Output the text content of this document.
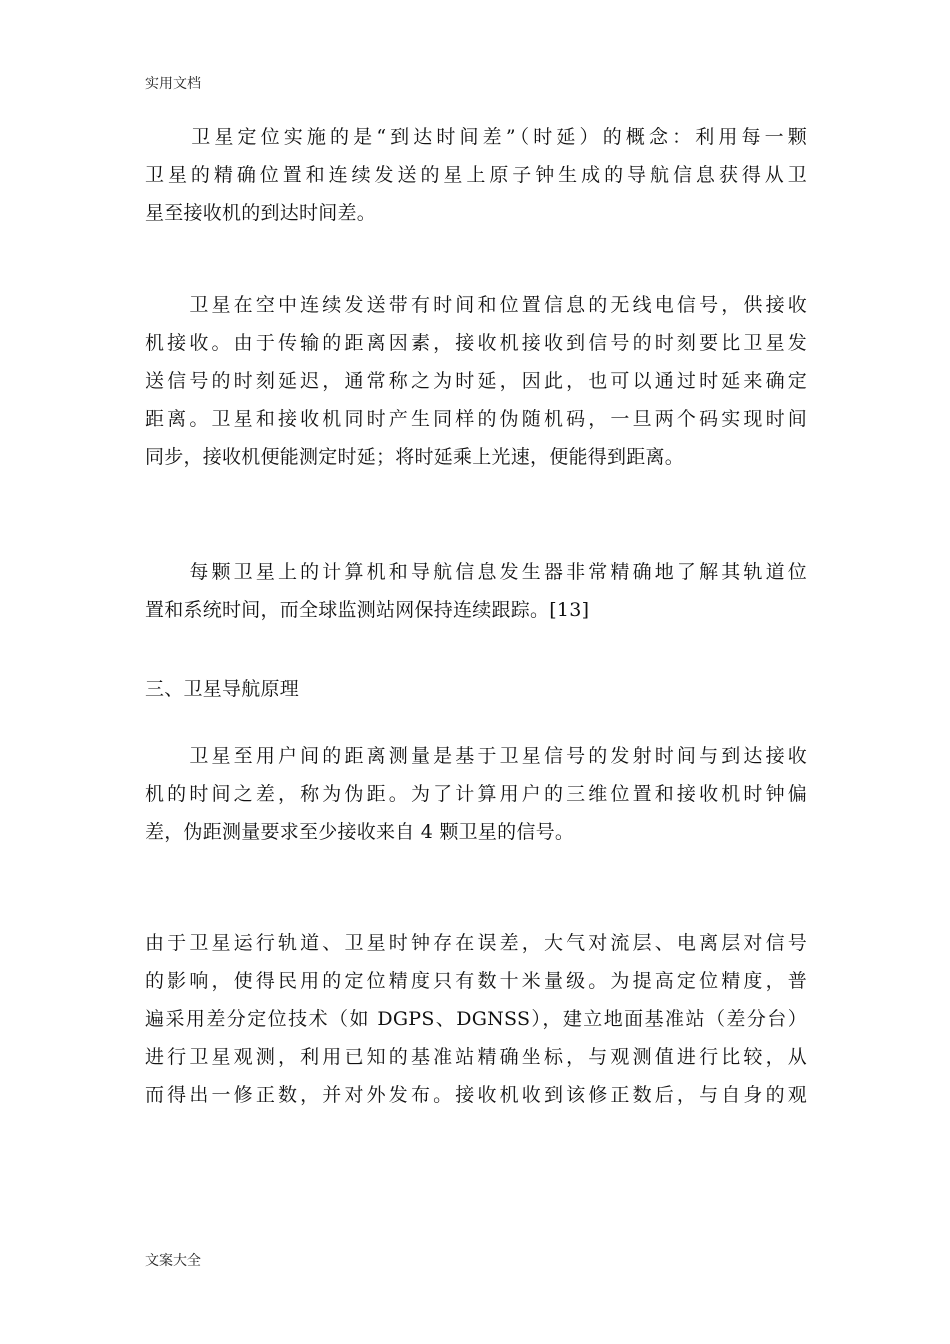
实用文档

　　卫星定位实施的是“到达时间差”（时延）的概念：利用每一颗
卫星的精确位置和连续发送的星上原子钟生成的导航信息获得从卫
星至接收机的到达时间差。

　　卫星在空中连续发送带有时间和位置信息的无线电信号，供接收
机接收。由于传输的距离因素，接收机接收到信号的时刻要比卫星发
送信号的时刻延迟，通常称之为时延，因此，也可以通过时延来确定
距离。卫星和接收机同时产生同样的伪随机码，一旦两个码实现时间
同步，接收机便能测定时延；将时延乘上光速，便能得到距离。

　　每颗卫星上的计算机和导航信息发生器非常精确地了解其轨道位
置和系统时间，而全球监测站网保持连续跟踪。[13]

三、卫星导航原理

　　卫星至用户间的距离测量是基于卫星信号的发射时间与到达接收
机的时间之差，称为伪距。为了计算用户的三维位置和接收机时钟偏
差，伪距测量要求至少接收来自 4 颗卫星的信号。

由于卫星运行轨道、卫星时钟存在误差，大气对流层、电离层对信号
的影响，使得民用的定位精度只有数十米量级。为提高定位精度，普
遍采用差分定位技术（如 DGPS、DGNSS），建立地面基准站（差分台）
进行卫星观测，利用已知的基准站精确坐标，与观测值进行比较，从
而得出一修正数，并对外发布。接收机收到该修正数后，与自身的观

文案大全
